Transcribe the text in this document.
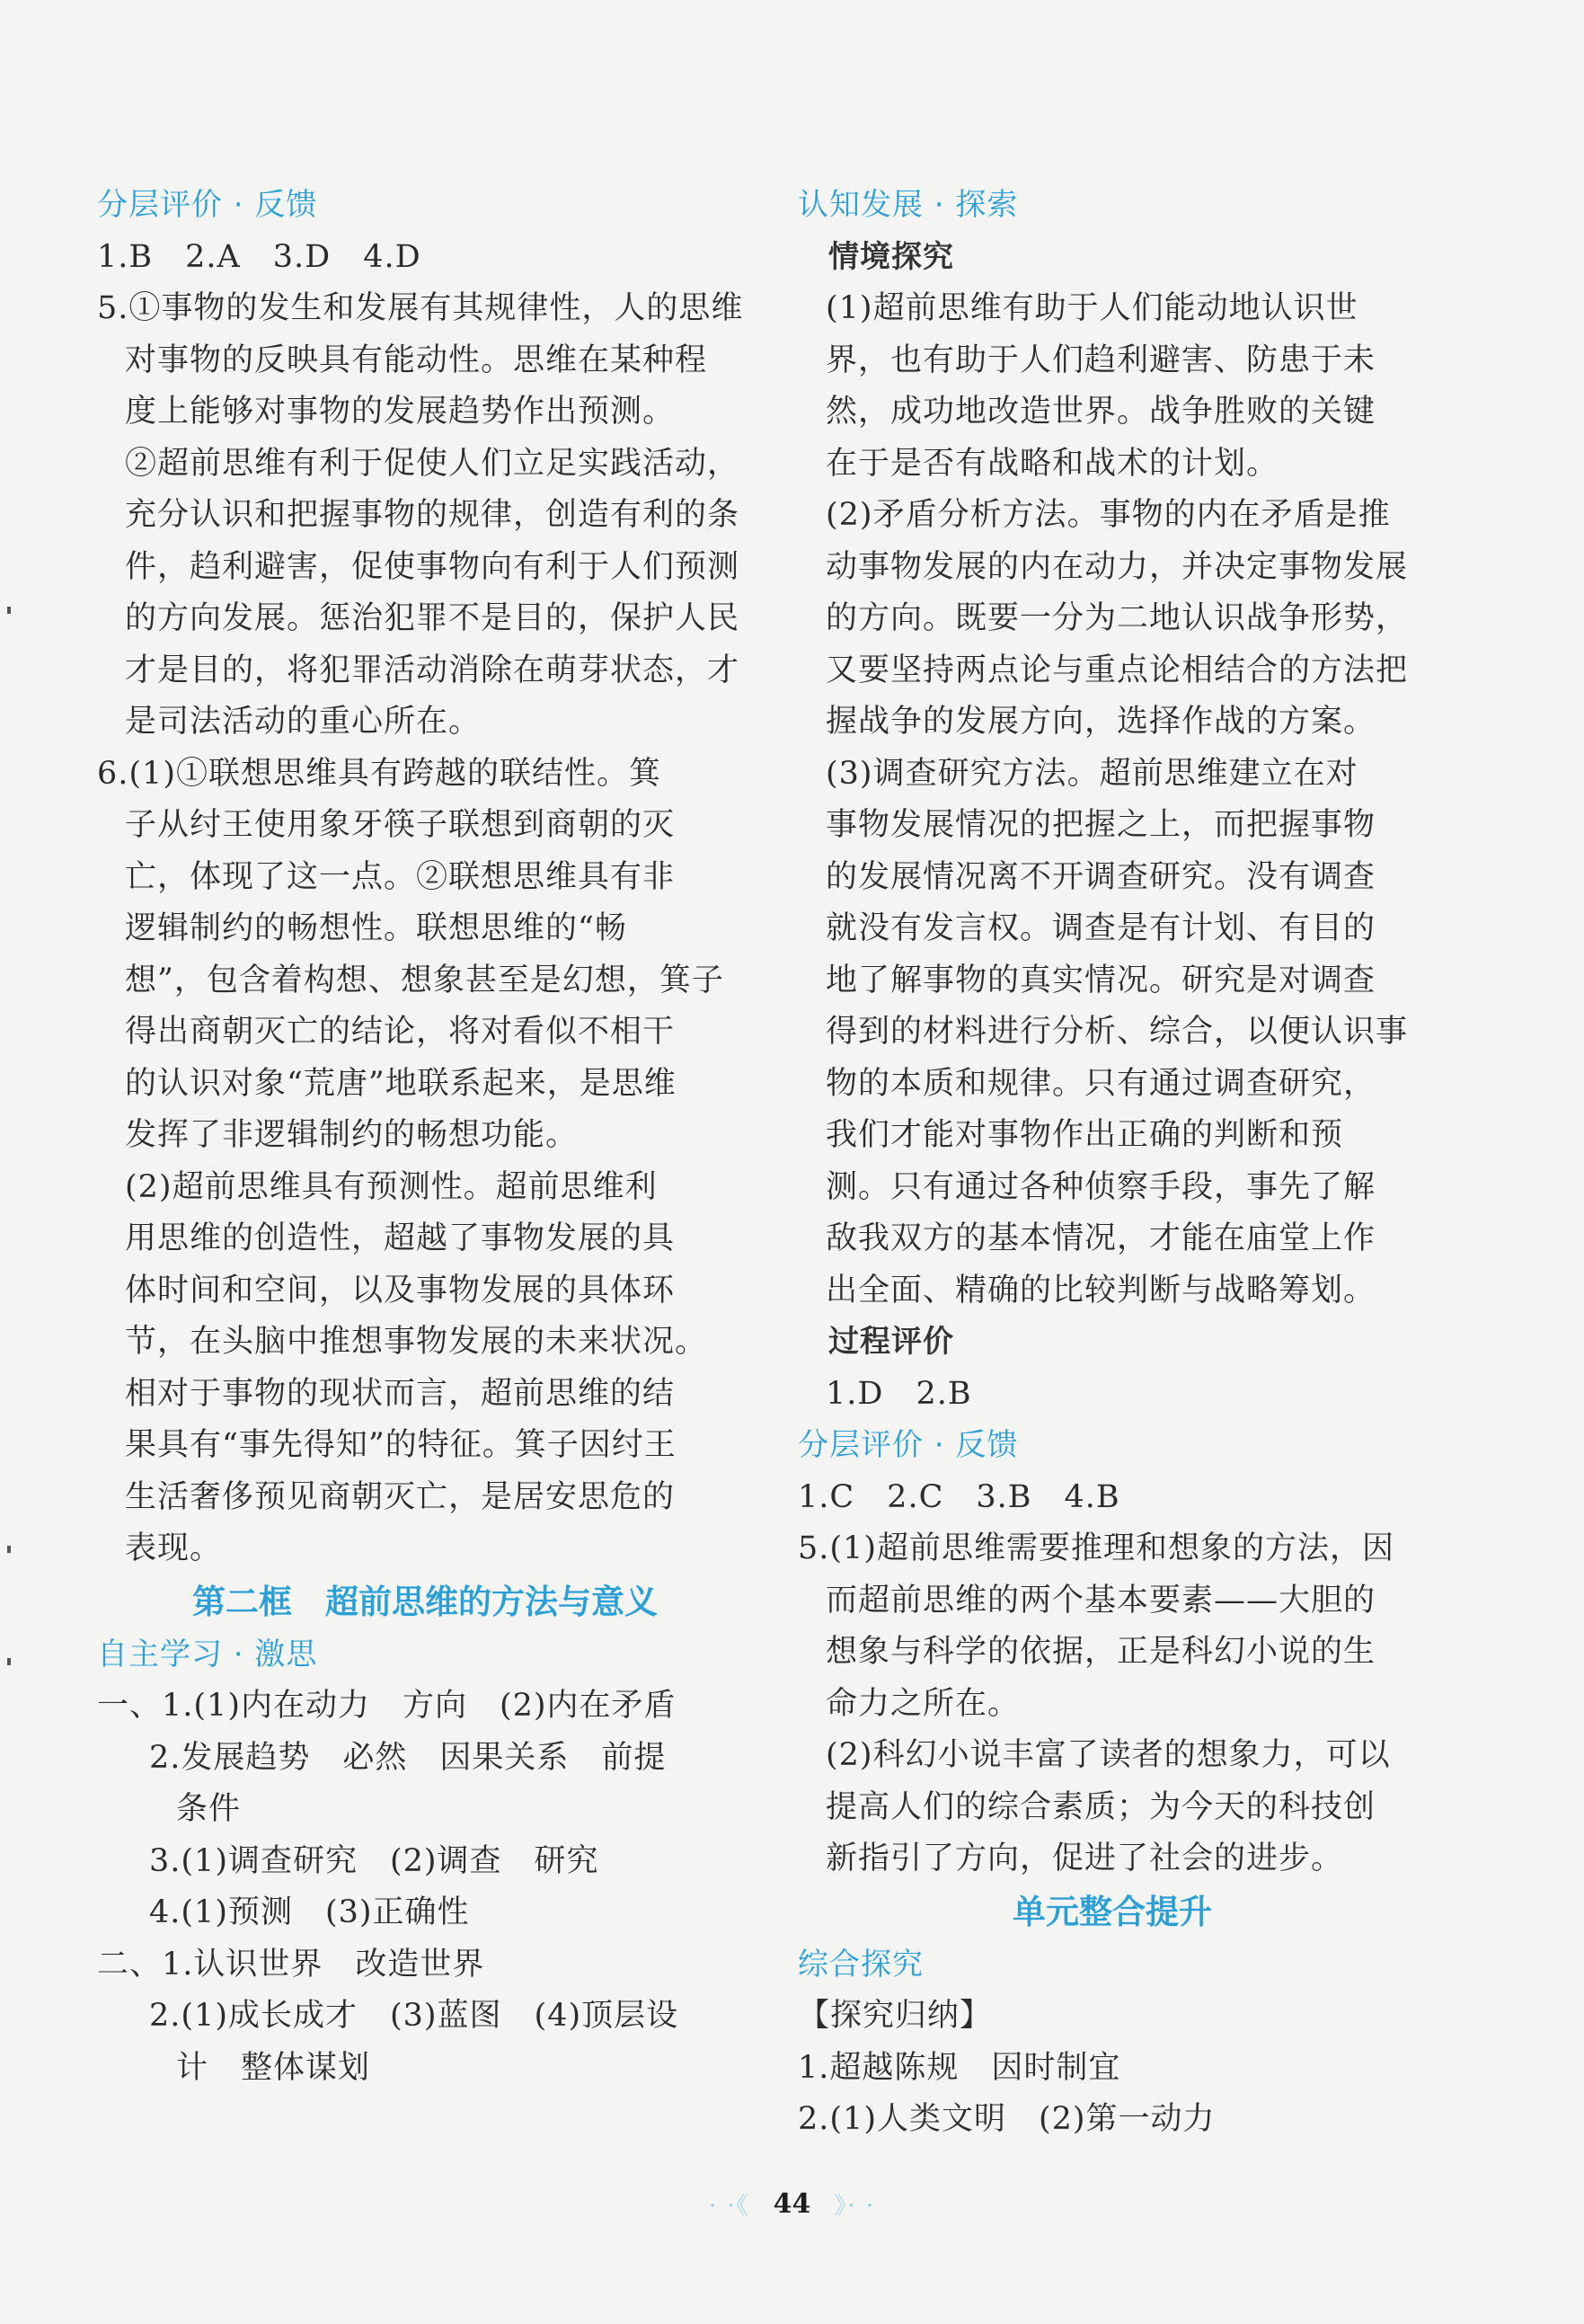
分层评价 · 反馈
1.B　2.A　3.D　4.D
5.①事物的发生和发展有其规律性，人的思维
对事物的反映具有能动性。思维在某种程
度上能够对事物的发展趋势作出预测。
②超前思维有利于促使人们立足实践活动，
充分认识和把握事物的规律，创造有利的条
件，趋利避害，促使事物向有利于人们预测
的方向发展。惩治犯罪不是目的，保护人民
才是目的，将犯罪活动消除在萌芽状态，才
是司法活动的重心所在。
6.(1)①联想思维具有跨越的联结性。箕
子从纣王使用象牙筷子联想到商朝的灭
亡，体现了这一点。②联想思维具有非
逻辑制约的畅想性。联想思维的“畅
想”，包含着构想、想象甚至是幻想，箕子
得出商朝灭亡的结论，将对看似不相干
的认识对象“荒唐”地联系起来，是思维
发挥了非逻辑制约的畅想功能。
(2)超前思维具有预测性。超前思维利
用思维的创造性，超越了事物发展的具
体时间和空间，以及事物发展的具体环
节，在头脑中推想事物发展的未来状况。
相对于事物的现状而言，超前思维的结
果具有“事先得知”的特征。箕子因纣王
生活奢侈预见商朝灭亡，是居安思危的
表现。
第二框　超前思维的方法与意义
自主学习 · 激思
一、1.(1)内在动力　方向　(2)内在矛盾
2.发展趋势　必然　因果关系　前提
条件
3.(1)调查研究　(2)调查　研究
4.(1)预测　(3)正确性
二、1.认识世界　改造世界
2.(1)成长成才　(3)蓝图　(4)顶层设
计　整体谋划
认知发展 · 探索
情境探究
(1)超前思维有助于人们能动地认识世
界，也有助于人们趋利避害、防患于未
然，成功地改造世界。战争胜败的关键
在于是否有战略和战术的计划。
(2)矛盾分析方法。事物的内在矛盾是推
动事物发展的内在动力，并决定事物发展
的方向。既要一分为二地认识战争形势，
又要坚持两点论与重点论相结合的方法把
握战争的发展方向，选择作战的方案。
(3)调查研究方法。超前思维建立在对
事物发展情况的把握之上，而把握事物
的发展情况离不开调查研究。没有调查
就没有发言权。调查是有计划、有目的
地了解事物的真实情况。研究是对调查
得到的材料进行分析、综合，以便认识事
物的本质和规律。只有通过调查研究，
我们才能对事物作出正确的判断和预
测。只有通过各种侦察手段，事先了解
敌我双方的基本情况，才能在庙堂上作
出全面、精确的比较判断与战略筹划。
过程评价
1.D　2.B
分层评价 · 反馈
1.C　2.C　3.B　4.B
5.(1)超前思维需要推理和想象的方法，因
而超前思维的两个基本要素——大胆的
想象与科学的依据，正是科幻小说的生
命力之所在。
(2)科幻小说丰富了读者的想象力，可以
提高人们的综合素质；为今天的科技创
新指引了方向，促进了社会的进步。
单元整合提升
综合探究
【探究归纳】
1.超越陈规　因时制宜
2.(1)人类文明　(2)第一动力
· ·《 44	》· ·
